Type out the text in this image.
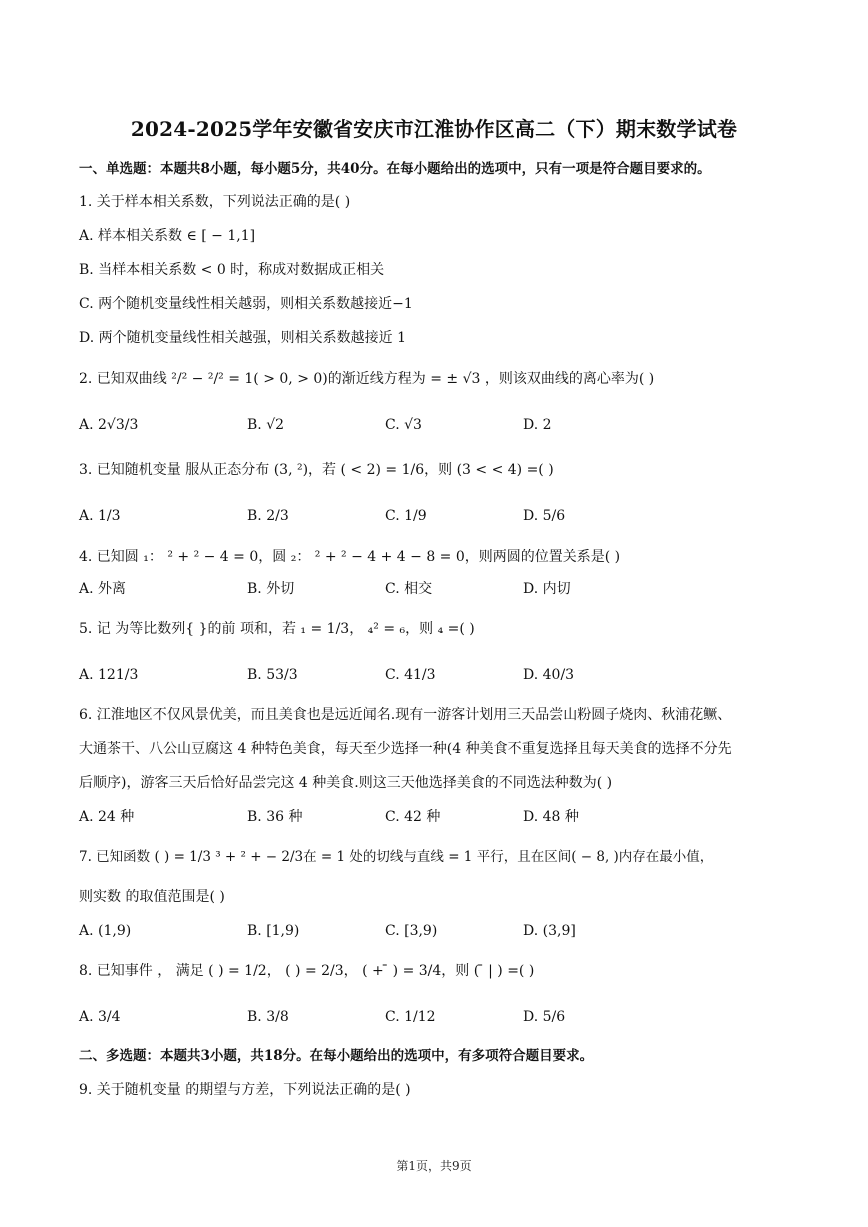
2024-2025学年安徽省安庆市江淮协作区高二（下）期末数学试卷
一、单选题：本题共8小题，每小题5分，共40分。在每小题给出的选项中，只有一项是符合题目要求的。
1. 关于样本相关系数，下列说法正确的是( )
A. 样本相关系数 ∈ [ − 1,1]
B. 当样本相关系数 < 0 时，称成对数据成正相关
C. 两个随机变量线性相关越弱，则相关系数越接近−1
D. 两个随机变量线性相关越强，则相关系数越接近 1
2. 已知双曲线 ²/² − ²/² = 1( > 0, > 0)的渐近线方程为 = ± √3 ，则该双曲线的离心率为( )
A. 2√3/3	B. √2	C. √3	D. 2
3. 已知随机变量 服从正态分布 (3, ²)，若 ( < 2) = 1/6，则 (3 < < 4) =( )
A. 1/3	B. 2/3	C. 1/9	D. 5/6
4. 已知圆 ₁： ² + ² − 4 = 0，圆 ₂： ² + ² − 4 + 4 − 8 = 0，则两圆的位置关系是( )
A. 外离	B. 外切	C. 相交	D. 内切
5. 记 为等比数列{ }的前 项和，若 ₁ = 1/3， ₄² = ₆，则 ₄ =( )
A. 121/3	B. 53/3	C. 41/3	D. 40/3
6. 江淮地区不仅风景优美，而且美食也是远近闻名.现有一游客计划用三天品尝山粉圆子烧肉、秋浦花鳜、
大通茶干、八公山豆腐这 4 种特色美食，每天至少选择一种(4 种美食不重复选择且每天美食的选择不分先
后顺序)，游客三天后恰好品尝完这 4 种美食.则这三天他选择美食的不同选法种数为( )
A. 24 种	B. 36 种	C. 42 种	D. 48 种
7. 已知函数 ( ) = 1/3 ³ + ² + − 2/3在 = 1 处的切线与直线 = 1 平行，且在区间( − 8, )内存在最小值，
则实数 的取值范围是( )
A. (1,9)	B. [1,9)	C. [3,9)	D. (3,9]
8. 已知事件 ， 满足 ( ) = 1/2， ( ) = 2/3， ( + ̄ ) = 3/4，则 ( ̄ | ) =( )
A. 3/4	B. 3/8	C. 1/12	D. 5/6
二、多选题：本题共3小题，共18分。在每小题给出的选项中，有多项符合题目要求。
9. 关于随机变量 的期望与方差，下列说法正确的是( )
第1页，共9页
